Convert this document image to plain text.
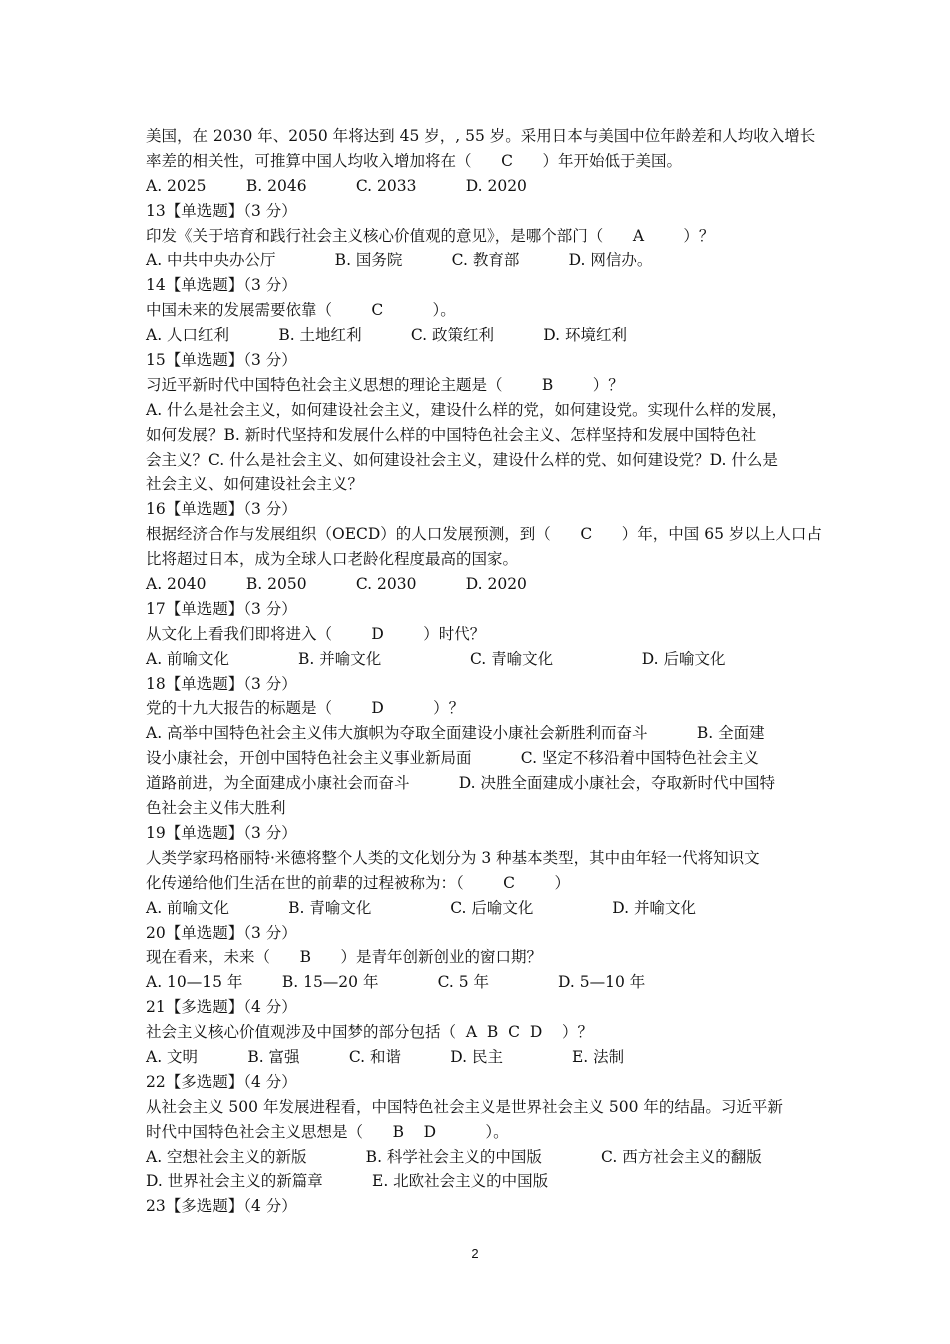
美国，在 2030 年、2050 年将达到 45 岁，, 55 岁。采用日本与美国中位年龄差和人均收入增长
率差的相关性，可推算中国人均收入增加将在（      C      ）年开始低于美国。
A. 2025        B. 2046          C. 2033          D. 2020
13【单选题】（3 分）
印发《关于培育和践行社会主义核心价值观的意见》，是哪个部门（      A        ）？
A. 中共中央办公厅            B. 国务院          C. 教育部          D. 网信办。
14【单选题】（3 分）
中国未来的发展需要依靠（        C          ）。
A. 人口红利          B. 土地红利          C. 政策红利          D. 环境红利
15【单选题】（3 分）
习近平新时代中国特色社会主义思想的理论主题是（        B        ）？
A. 什么是社会主义，如何建设社会主义，建设什么样的党，如何建设党。实现什么样的发展，
如何发展？B. 新时代坚持和发展什么样的中国特色社会主义、怎样坚持和发展中国特色社
会主义？C. 什么是社会主义、如何建设社会主义，建设什么样的党、如何建设党？D. 什么是
社会主义、如何建设社会主义？
16【单选题】（3 分）
根据经济合作与发展组织（OECD）的人口发展预测，到（      C      ）年，中国 65 岁以上人口占
比将超过日本，成为全球人口老龄化程度最高的国家。
A. 2040        B. 2050          C. 2030          D. 2020
17【单选题】（3 分）
从文化上看我们即将进入（        D        ）时代？
A. 前喻文化              B. 并喻文化                  C. 青喻文化                  D. 后喻文化
18【单选题】（3 分）
党的十九大报告的标题是（        D          ）？
A. 高举中国特色社会主义伟大旗帜为夺取全面建设小康社会新胜利而奋斗          B. 全面建
设小康社会，开创中国特色社会主义事业新局面          C. 坚定不移沿着中国特色社会主义
道路前进，为全面建成小康社会而奋斗          D. 决胜全面建成小康社会，夺取新时代中国特
色社会主义伟大胜利
19【单选题】（3 分）
人类学家玛格丽特·米德将整个人类的文化划分为 3 种基本类型，其中由年轻一代将知识文
化传递给他们生活在世的前辈的过程被称为：（        C        ）
A. 前喻文化            B. 青喻文化                C. 后喻文化                D. 并喻文化
20【单选题】（3 分）
现在看来，未来（      B      ）是青年创新创业的窗口期？
A. 10—15 年        B. 15—20 年            C. 5 年              D. 5—10 年
21【多选题】（4 分）
社会主义核心价值观涉及中国梦的部分包括（  A  B  C  D    ）？
A. 文明          B. 富强          C. 和谐          D. 民主              E. 法制
22【多选题】（4 分）
从社会主义 500 年发展进程看，中国特色社会主义是世界社会主义 500 年的结晶。习近平新
时代中国特色社会主义思想是（      B    D          ）。
A. 空想社会主义的新版            B. 科学社会主义的中国版            C. 西方社会主义的翻版
D. 世界社会主义的新篇章          E. 北欧社会主义的中国版
23【多选题】（4 分）
2
